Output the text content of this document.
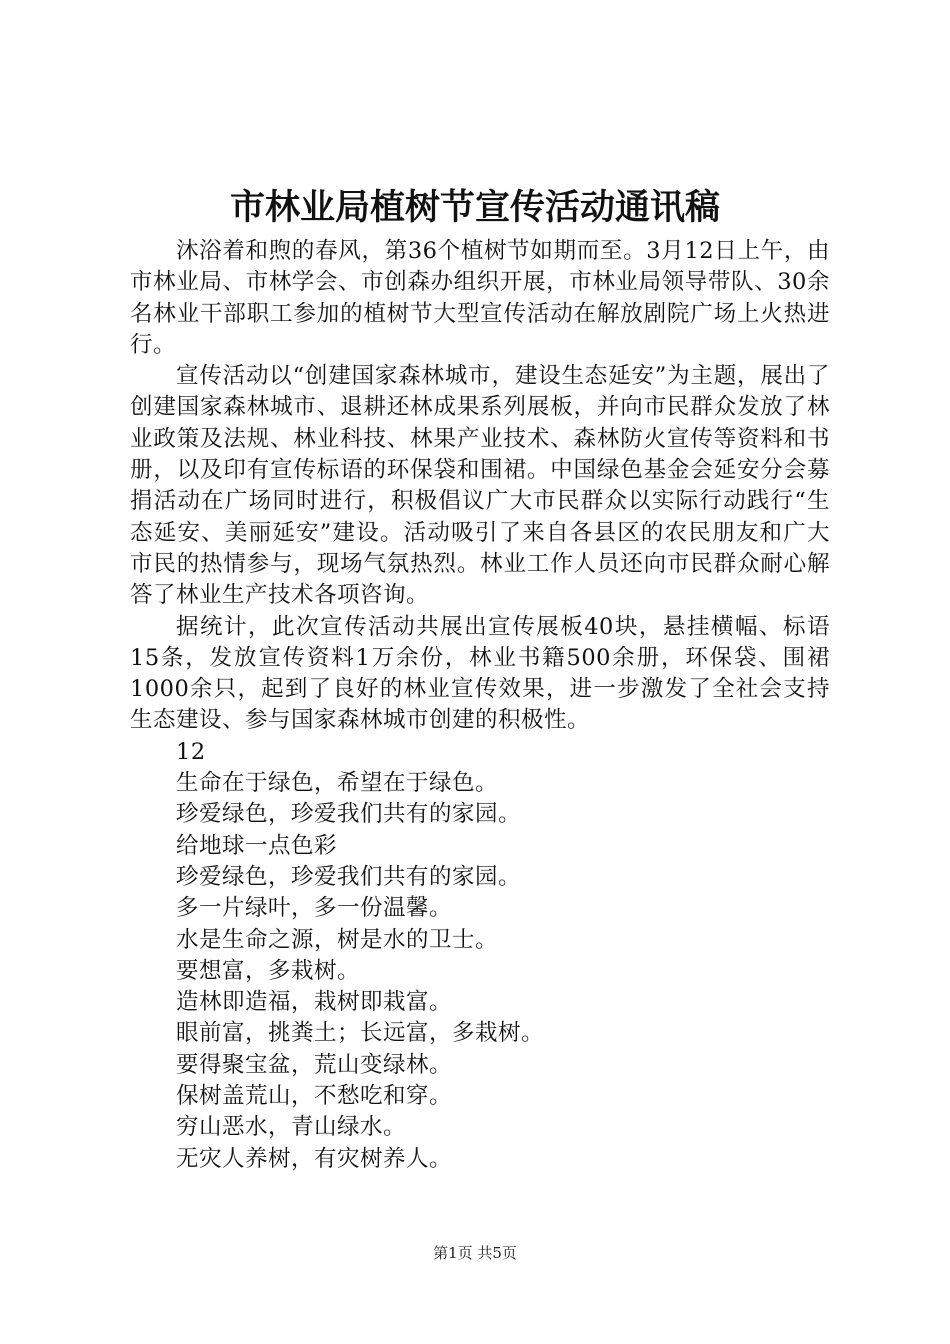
市林业局植树节宣传活动通讯稿

沐浴着和煦的春风，第36个植树节如期而至。3月12日上午，由市林业局、市林学会、市创森办组织开展，市林业局领导带队、30余名林业干部职工参加的植树节大型宣传活动在解放剧院广场上火热进行。

宣传活动以“创建国家森林城市，建设生态延安”为主题，展出了创建国家森林城市、退耕还林成果系列展板，并向市民群众发放了林业政策及法规、林业科技、林果产业技术、森林防火宣传等资料和书册，以及印有宣传标语的环保袋和围裙。中国绿色基金会延安分会募捐活动在广场同时进行，积极倡议广大市民群众以实际行动践行“生态延安、美丽延安”建设。活动吸引了来自各县区的农民朋友和广大市民的热情参与，现场气氛热烈。林业工作人员还向市民群众耐心解答了林业生产技术各项咨询。

据统计，此次宣传活动共展出宣传展板40块，悬挂横幅、标语15条，发放宣传资料1万余份，林业书籍500余册，环保袋、围裙1000余只，起到了良好的林业宣传效果，进一步激发了全社会支持生态建设、参与国家森林城市创建的积极性。

12

生命在于绿色，希望在于绿色。

珍爱绿色，珍爱我们共有的家园。

给地球一点色彩

珍爱绿色，珍爱我们共有的家园。

多一片绿叶，多一份温馨。

水是生命之源，树是水的卫士。

要想富，多栽树。

造林即造福，栽树即栽富。

眼前富，挑粪土；长远富，多栽树。

要得聚宝盆，荒山变绿林。

保树盖荒山，不愁吃和穿。

穷山恶水，青山绿水。

无灾人养树，有灾树养人。

第1页 共5页
